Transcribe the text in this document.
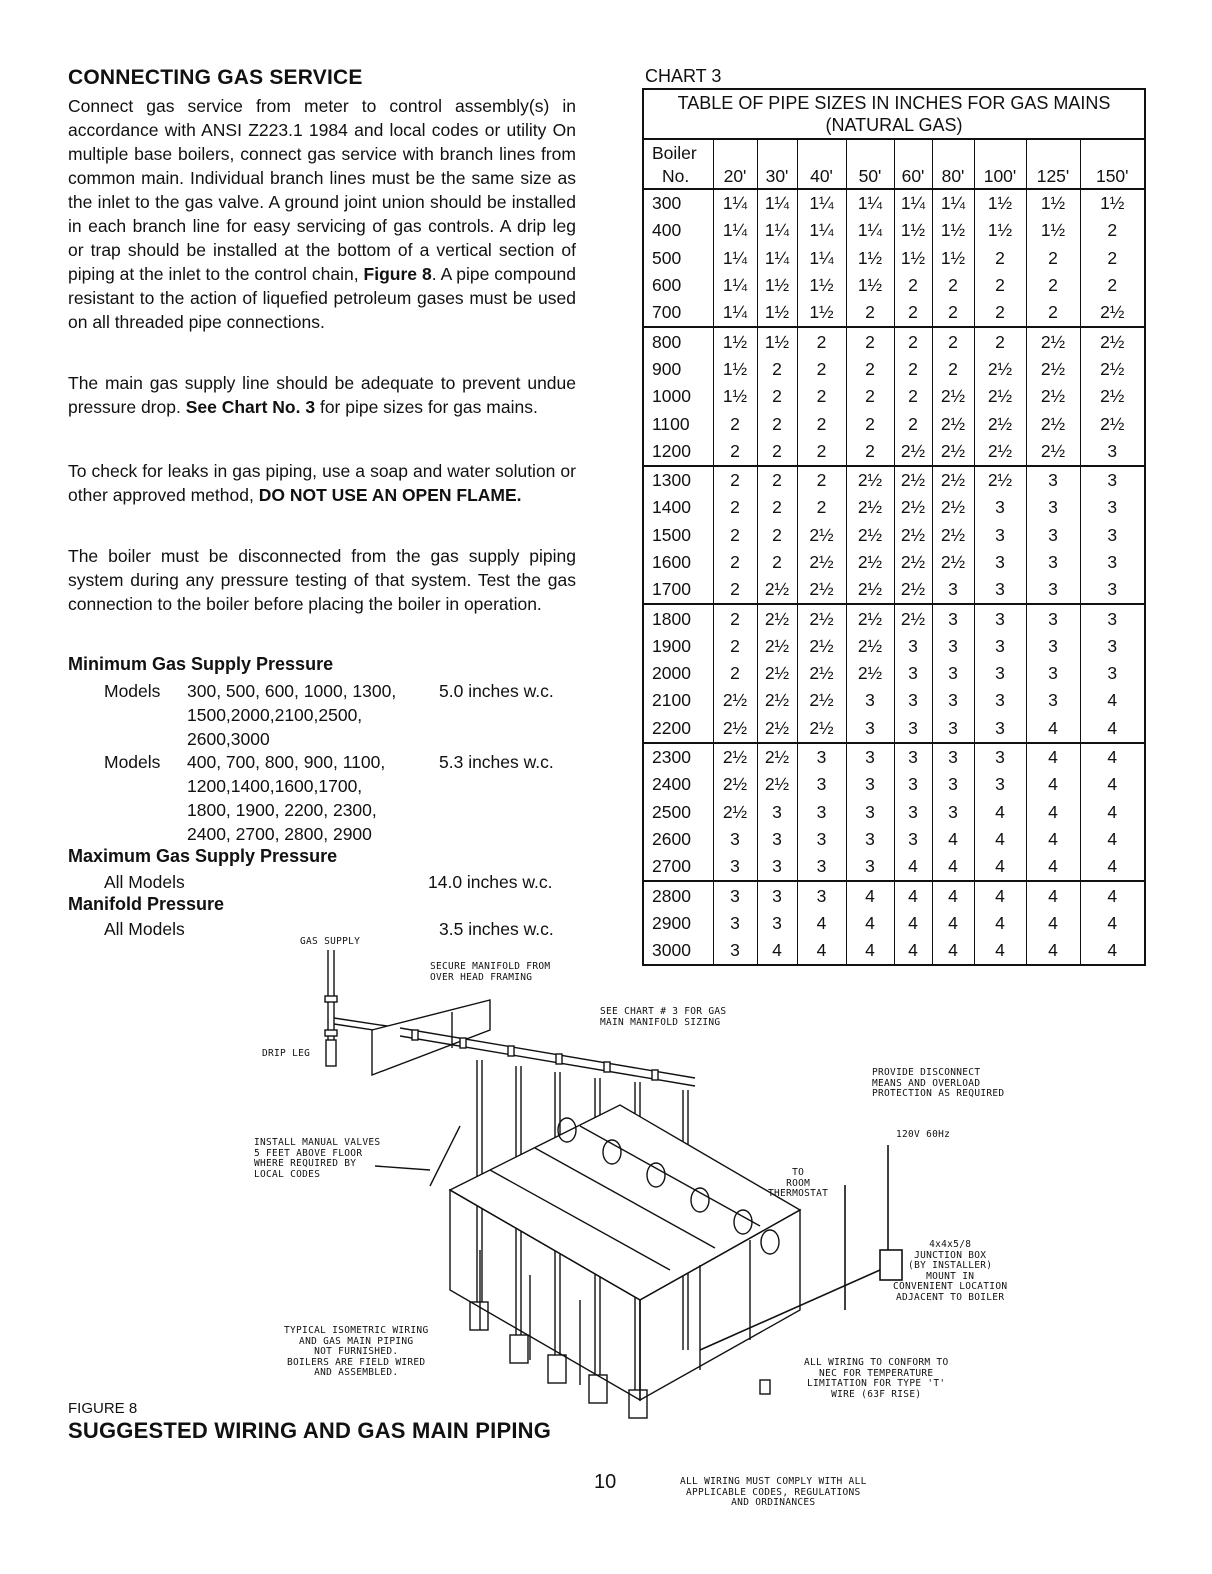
CONNECTING GAS SERVICE

Connect gas service from meter to control assembly(s) in accordance with ANSI Z223.1 1984 and local codes or utility On multiple base boilers, connect gas service with branch lines from common main. Individual branch lines must be the same size as the inlet to the gas valve. A ground joint union should be installed in each branch line for easy servicing of gas controls. A drip leg or trap should be installed at the bottom of a vertical section of piping at the inlet to the control chain, Figure 8. A pipe compound resistant to the action of liquefied petroleum gases must be used on all threaded pipe connections.

The main gas supply line should be adequate to prevent undue pressure drop. See Chart No. 3 for pipe sizes for gas mains.

To check for leaks in gas piping, use a soap and water solution or other approved method, DO NOT USE AN OPEN FLAME.

The boiler must be disconnected from the gas supply piping system during any pressure testing of that system. Test the gas connection to the boiler before placing the boiler in operation.

Minimum Gas Supply Pressure
Models 300, 500, 600, 1000, 1300,
1500,2000,2100,2500,
2600,3000
5.0 inches w.c.
Models 400, 700, 800, 900, 1100,
1200,1400,1600,1700,
1800, 1900, 2200, 2300,
2400, 2700, 2800, 2900
5.3 inches w.c.
Maximum Gas Supply Pressure
All Models	14.0 inches w.c.
Manifold Pressure
All Models	3.5 inches w.c.
CHART 3
TABLE OF PIPE SIZES IN INCHES FOR GAS MAINS
(NATURAL GAS)
Boiler
No.	20'	30'	40'	50'	60'	80'	100'	125'	150'
300	1¼	1¼	1¼	1¼	1¼	1¼	1½	1½	1½
400	1¼	1¼	1¼	1¼	1½	1½	1½	1½	2
500	1¼	1¼	1¼	1½	1½	1½	2	2	2
600	1¼	1½	1½	1½	2	2	2	2	2
700	1¼	1½	1½	2	2	2	2	2	2½
800	1½	1½	2	2	2	2	2	2½	2½
900	1½	2	2	2	2	2	2½	2½	2½
1000	1½	2	2	2	2	2½	2½	2½	2½
1100	2	2	2	2	2	2½	2½	2½	2½
1200	2	2	2	2	2½	2½	2½	2½	3
1300	2	2	2	2½	2½	2½	2½	3	3
1400	2	2	2	2½	2½	2½	3	3	3
1500	2	2	2½	2½	2½	2½	3	3	3
1600	2	2	2½	2½	2½	2½	3	3	3
1700	2	2½	2½	2½	2½	3	3	3	3
1800	2	2½	2½	2½	2½	3	3	3	3
1900	2	2½	2½	2½	3	3	3	3	3
2000	2	2½	2½	2½	3	3	3	3	3
2100	2½	2½	2½	3	3	3	3	3	4
2200	2½	2½	2½	3	3	3	3	4	4
2300	2½	2½	3	3	3	3	3	4	4
2400	2½	2½	3	3	3	3	3	4	4
2500	2½	3	3	3	3	3	4	4	4
2600	3	3	3	3	3	4	4	4	4
2700	3	3	3	3	4	4	4	4	4
2800	3	3	3	4	4	4	4	4	4
2900	3	3	4	4	4	4	4	4	4
3000	3	4	4	4	4	4	4	4	4
GAS SUPPLY
SECURE MANIFOLD FROM
OVER HEAD FRAMING
SEE CHART # 3 FOR GAS
MAIN MANIFOLD SIZING
DRIP LEG
PROVIDE DISCONNECT
MEANS AND OVERLOAD
PROTECTION AS REQUIRED
INSTALL MANUAL VALVES
5 FEET ABOVE FLOOR
WHERE REQUIRED BY
LOCAL CODES
120V 60Hz
TO
ROOM
THERMOSTAT
4x4x5/8
JUNCTION BOX
(BY INSTALLER)
MOUNT IN
CONVENIENT LOCATION
ADJACENT TO BOILER
TYPICAL ISOMETRIC WIRING
AND GAS MAIN PIPING
NOT FURNISHED.
BOILERS ARE FIELD WIRED
AND ASSEMBLED.
ALL WIRING TO CONFORM TO
NEC FOR TEMPERATURE
LIMITATION FOR TYPE 'T'
WIRE (63F RISE)
ALL WIRING MUST COMPLY WITH ALL
APPLICABLE CODES, REGULATIONS
AND ORDINANCES
FIGURE 8
SUGGESTED WIRING AND GAS MAIN PIPING
10
